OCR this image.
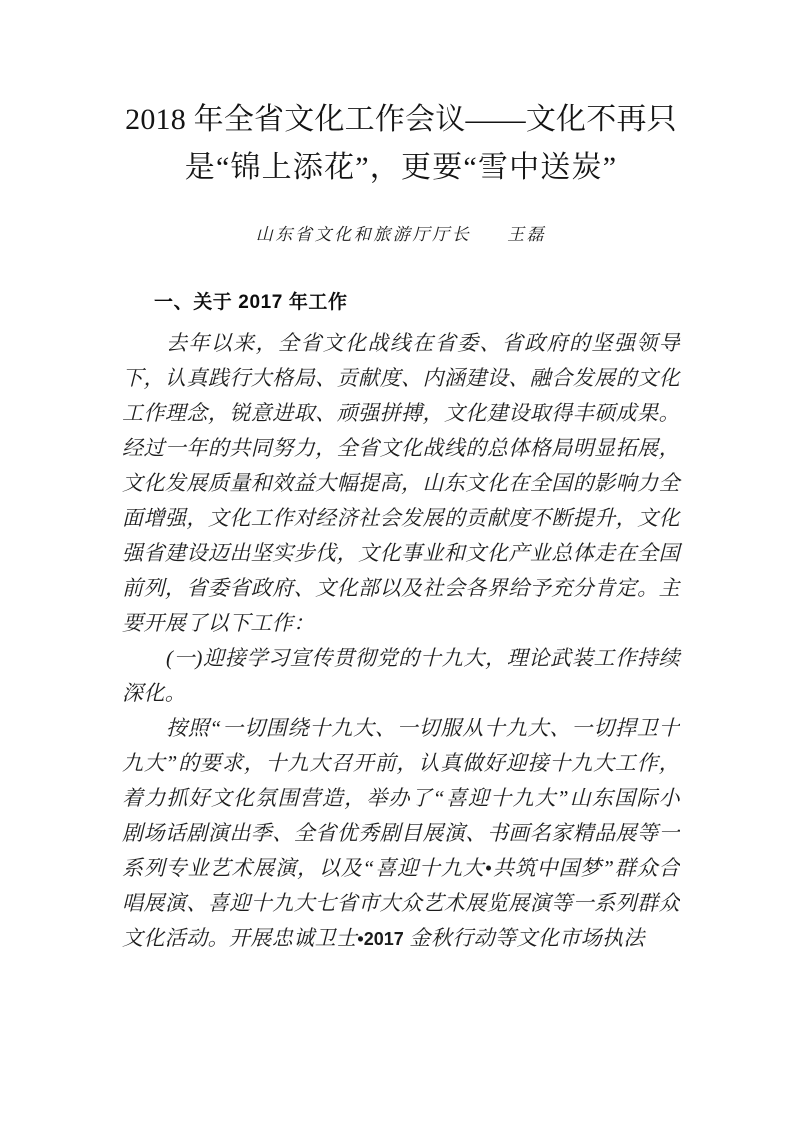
2018 年全省文化工作会议——文化不再只
是“锦上添花”，更要“雪中送炭”
山东省文化和旅游厅厅长 王磊
一、关于 2017 年工作

去年以来，全省文化战线在省委、省政府的坚强领导下，认真践行大格局、贡献度、内涵建设、融合发展的文化工作理念，锐意进取、顽强拼搏，文化建设取得丰硕成果。经过一年的共同努力，全省文化战线的总体格局明显拓展，文化发展质量和效益大幅提高，山东文化在全国的影响力全面增强，文化工作对经济社会发展的贡献度不断提升，文化强省建设迈出坚实步伐，文化事业和文化产业总体走在全国前列，省委省政府、文化部以及社会各界给予充分肯定。主要开展了以下工作：

(一)迎接学习宣传贯彻党的十九大，理论武装工作持续深化。

按照“一切围绕十九大、一切服从十九大、一切捍卫十九大”的要求，十九大召开前，认真做好迎接十九大工作，着力抓好文化氛围营造，举办了“喜迎十九大”山东国际小剧场话剧演出季、全省优秀剧目展演、书画名家精品展等一系列专业艺术展演，以及“喜迎十九大•共筑中国梦”群众合唱展演、喜迎十九大七省市大众艺术展览展演等一系列群众文化活动。开展忠诚卫士•2017 金秋行动等文化市场执法
